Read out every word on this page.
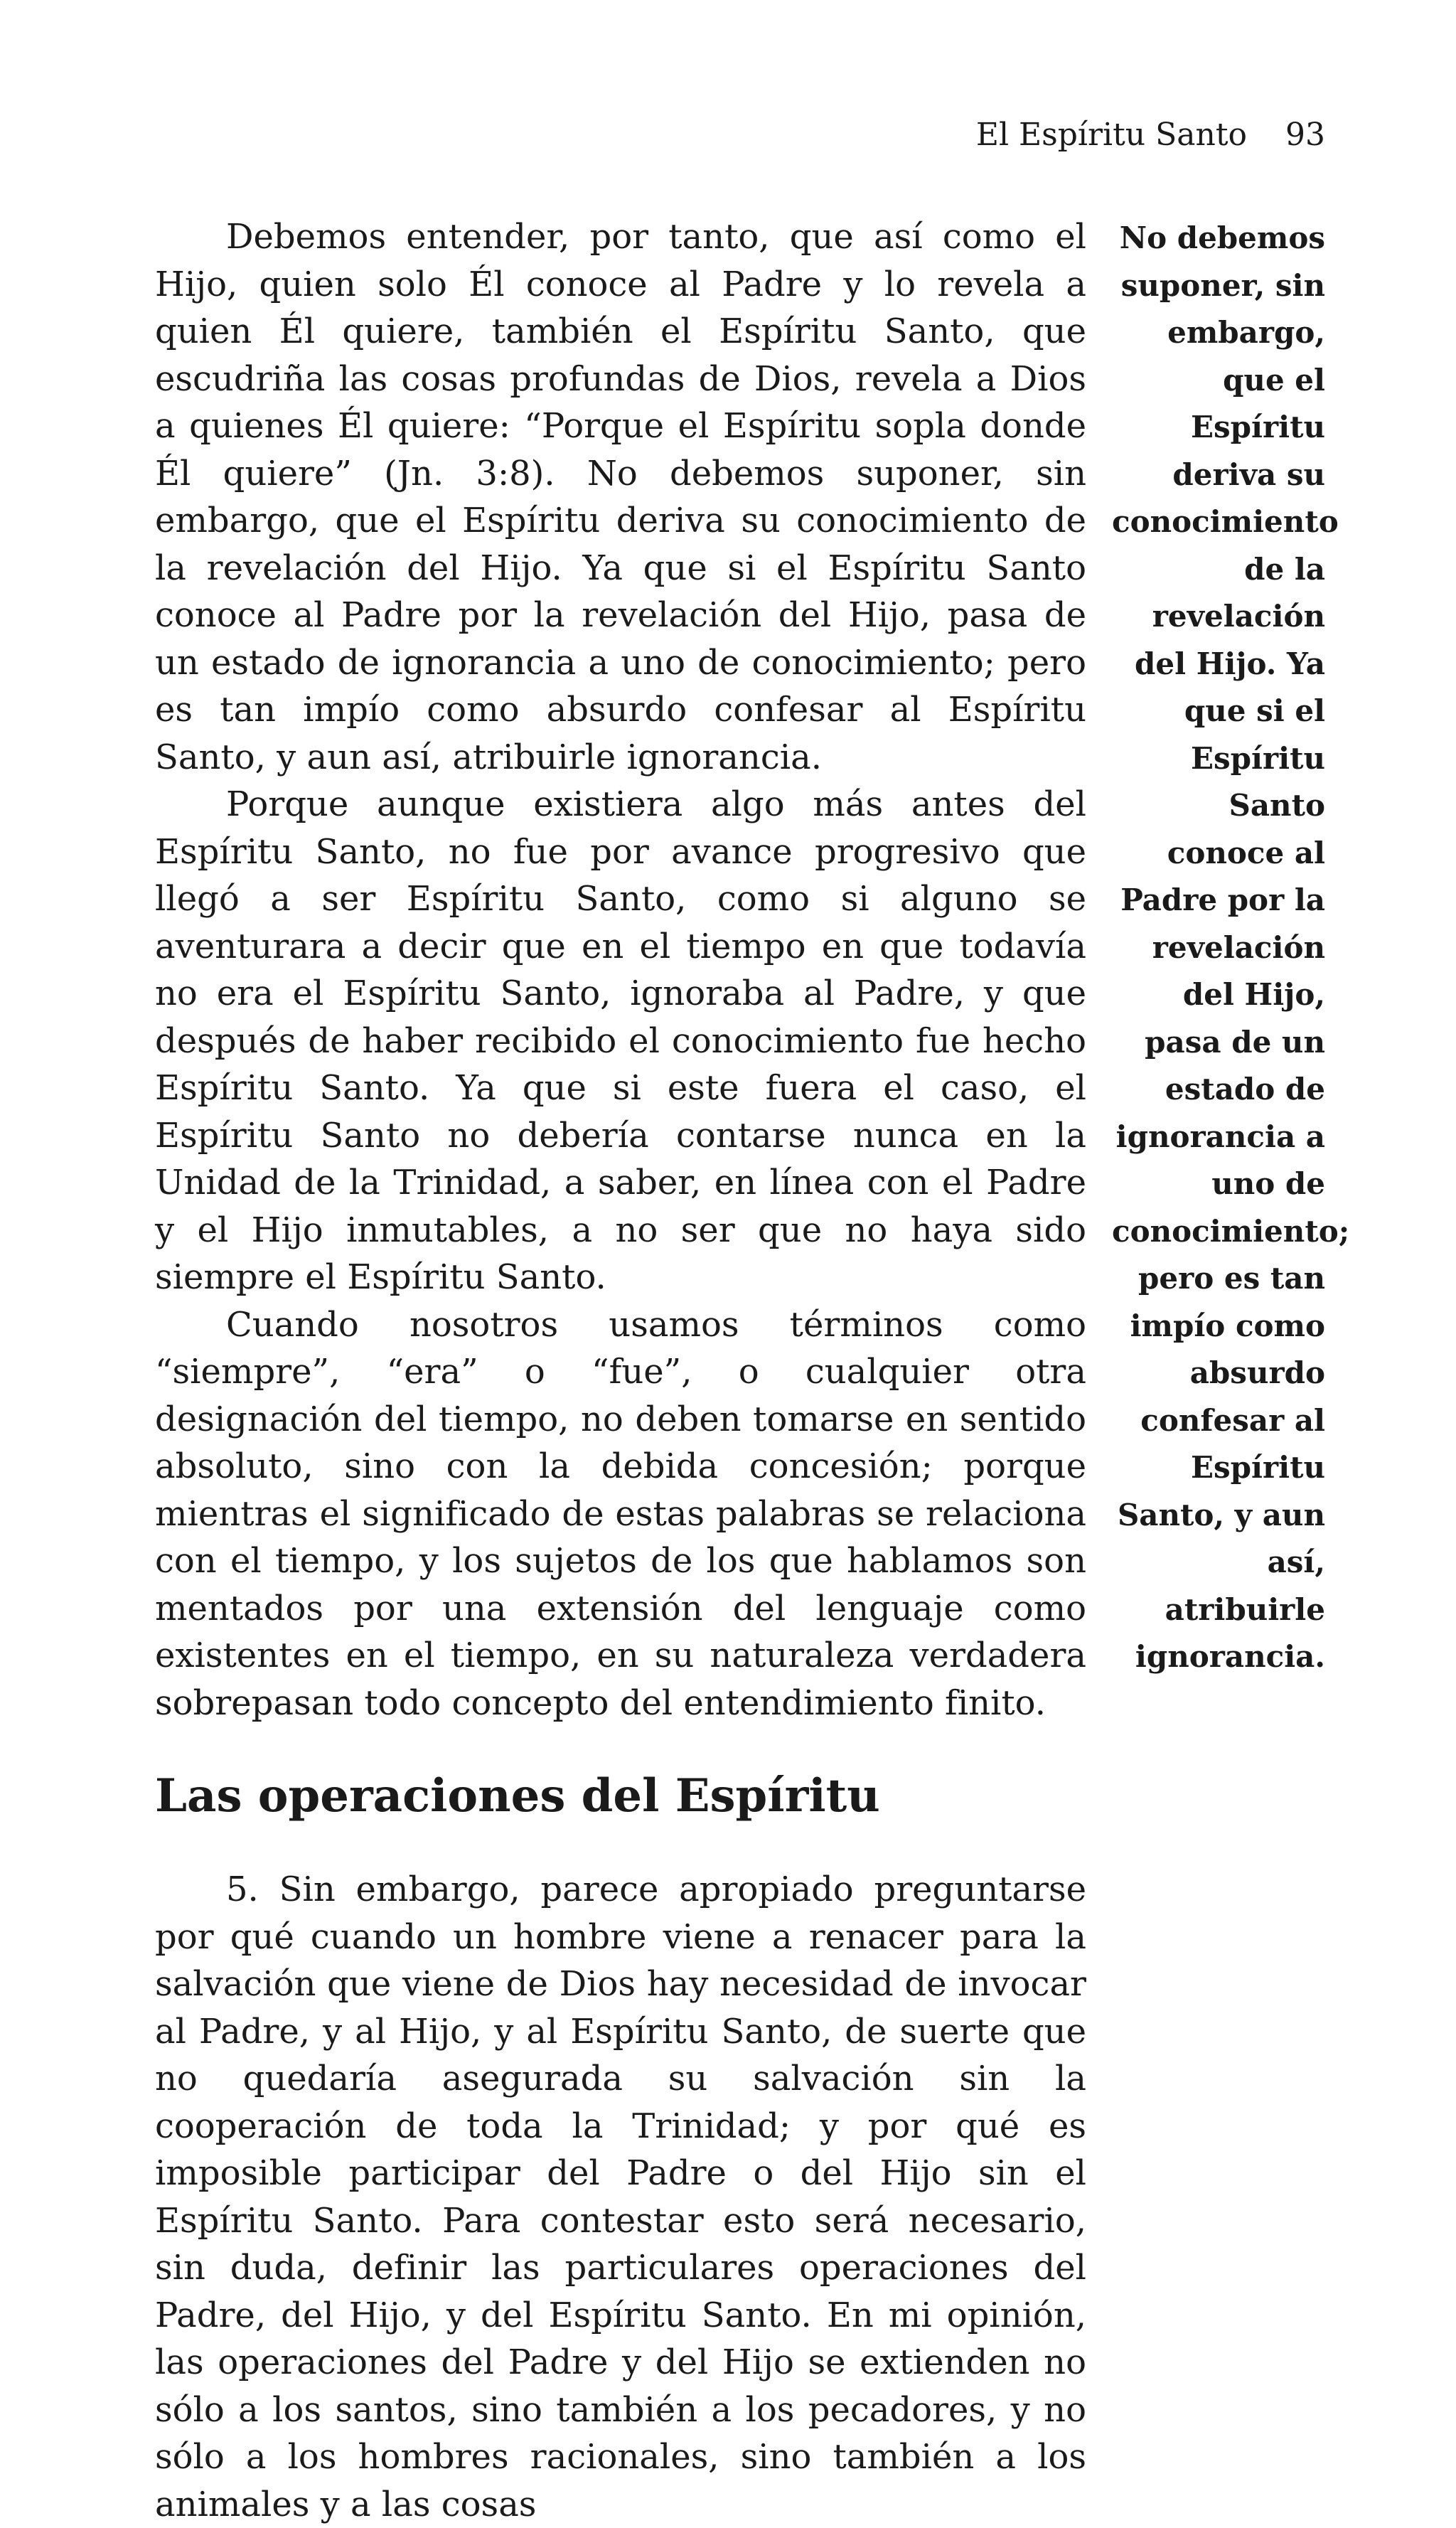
El Espíritu Santo 93

Debemos entender, por tanto, que así como el Hijo, quien solo Él conoce al Padre y lo revela a quien Él quiere, también el Espíritu Santo, que escudriña las cosas profundas de Dios, revela a Dios a quienes Él quiere: “Porque el Espíritu sopla donde Él quiere” (Jn. 3:8). No debemos suponer, sin embargo, que el Espíritu deriva su conocimiento de la revelación del Hijo. Ya que si el Espíritu Santo conoce al Padre por la revelación del Hijo, pasa de un estado de ignorancia a uno de conocimiento; pero es tan impío como absurdo confesar al Espíritu Santo, y aun así, atribuirle ignorancia.

Porque aunque existiera algo más antes del Espíritu Santo, no fue por avance progresivo que llegó a ser Espíritu Santo, como si alguno se aventurara a decir que en el tiempo en que todavía no era el Espíritu Santo, ignoraba al Padre, y que después de haber recibido el conocimiento fue hecho Espíritu Santo. Ya que si este fuera el caso, el Espíritu Santo no debería contarse nunca en la Unidad de la Trinidad, a saber, en línea con el Padre y el Hijo inmutables, a no ser que no haya sido siempre el Espíritu Santo.

Cuando nosotros usamos términos como “siempre”, “era” o “fue”, o cualquier otra designación del tiempo, no deben tomarse en sentido absoluto, sino con la debida concesión; porque mientras el significado de estas palabras se relaciona con el tiempo, y los sujetos de los que hablamos son mentados por una extensión del lenguaje como existentes en el tiempo, en su naturaleza verdadera sobrepasan todo concepto del entendimiento finito.

Las operaciones del Espíritu

5. Sin embargo, parece apropiado preguntarse por qué cuando un hombre viene a renacer para la salvación que viene de Dios hay necesidad de invocar al Padre, y al Hijo, y al Espíritu Santo, de suerte que no quedaría asegurada su salvación sin la cooperación de toda la Trinidad; y por qué es imposible participar del Padre o del Hijo sin el Espíritu Santo. Para contestar esto será necesario, sin duda, definir las particulares operaciones del Padre, del Hijo, y del Espíritu Santo. En mi opinión, las operaciones del Padre y del Hijo se extienden no sólo a los santos, sino también a los pecadores, y no sólo a los hombres racionales, sino también a los animales y a las cosas

No debemos suponer, sin embargo, que el Espíritu deriva su conocimiento de la revelación del Hijo. Ya que si el Espíritu Santo conoce al Padre por la revelación del Hijo, pasa de un estado de ignorancia a uno de conocimiento; pero es tan impío como absurdo confesar al Espíritu Santo, y aun así, atribuirle ignorancia.
